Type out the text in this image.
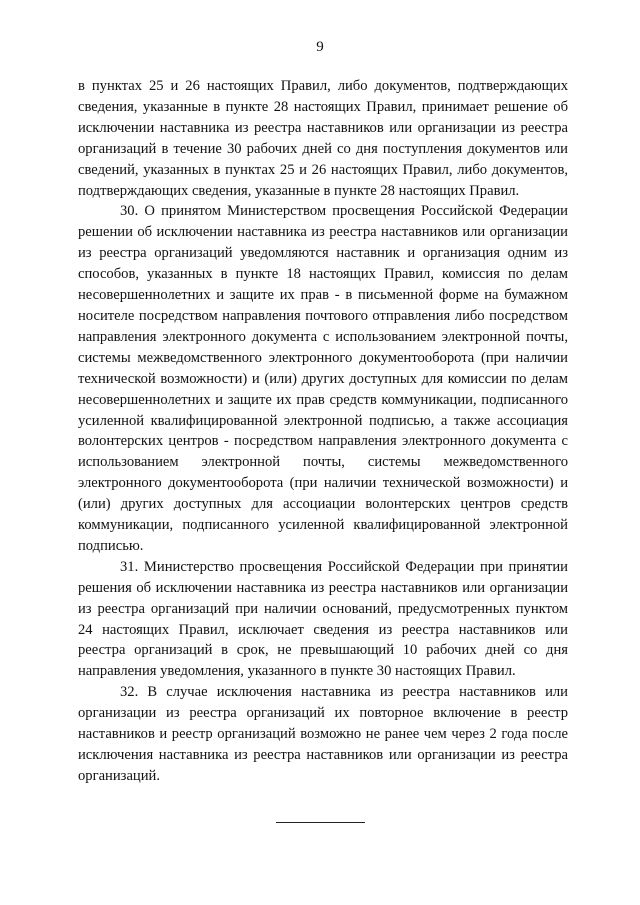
9

в пунктах 25 и 26 настоящих Правил, либо документов, подтверждающих сведения, указанные в пункте 28 настоящих Правил, принимает решение об исключении наставника из реестра наставников или организации из реестра организаций в течение 30 рабочих дней со дня поступления документов или сведений, указанных в пунктах 25 и 26 настоящих Правил, либо документов, подтверждающих сведения, указанные в пункте 28 настоящих Правил.

30. О принятом Министерством просвещения Российской Федерации решении об исключении наставника из реестра наставников или организации из реестра организаций уведомляются наставник и организация одним из способов, указанных в пункте 18 настоящих Правил, комиссия по делам несовершеннолетних и защите их прав - в письменной форме на бумажном носителе посредством направления почтового отправления либо посредством направления электронного документа с использованием электронной почты, системы межведомственного электронного документооборота (при наличии технической возможности) и (или) других доступных для комиссии по делам несовершеннолетних и защите их прав средств коммуникации, подписанного усиленной квалифицированной электронной подписью, а также ассоциация волонтерских центров - посредством направления электронного документа с использованием электронной почты, системы межведомственного электронного документооборота (при наличии технической возможности) и (или) других доступных для ассоциации волонтерских центров средств коммуникации, подписанного усиленной квалифицированной электронной подписью.

31. Министерство просвещения Российской Федерации при принятии решения об исключении наставника из реестра наставников или организации из реестра организаций при наличии оснований, предусмотренных пунктом 24 настоящих Правил, исключает сведения из реестра наставников или реестра организаций в срок, не превышающий 10 рабочих дней со дня направления уведомления, указанного в пункте 30 настоящих Правил.

32. В случае исключения наставника из реестра наставников или организации из реестра организаций их повторное включение в реестр наставников и реестр организаций возможно не ранее чем через 2 года после исключения наставника из реестра наставников или организации из реестра организаций.
